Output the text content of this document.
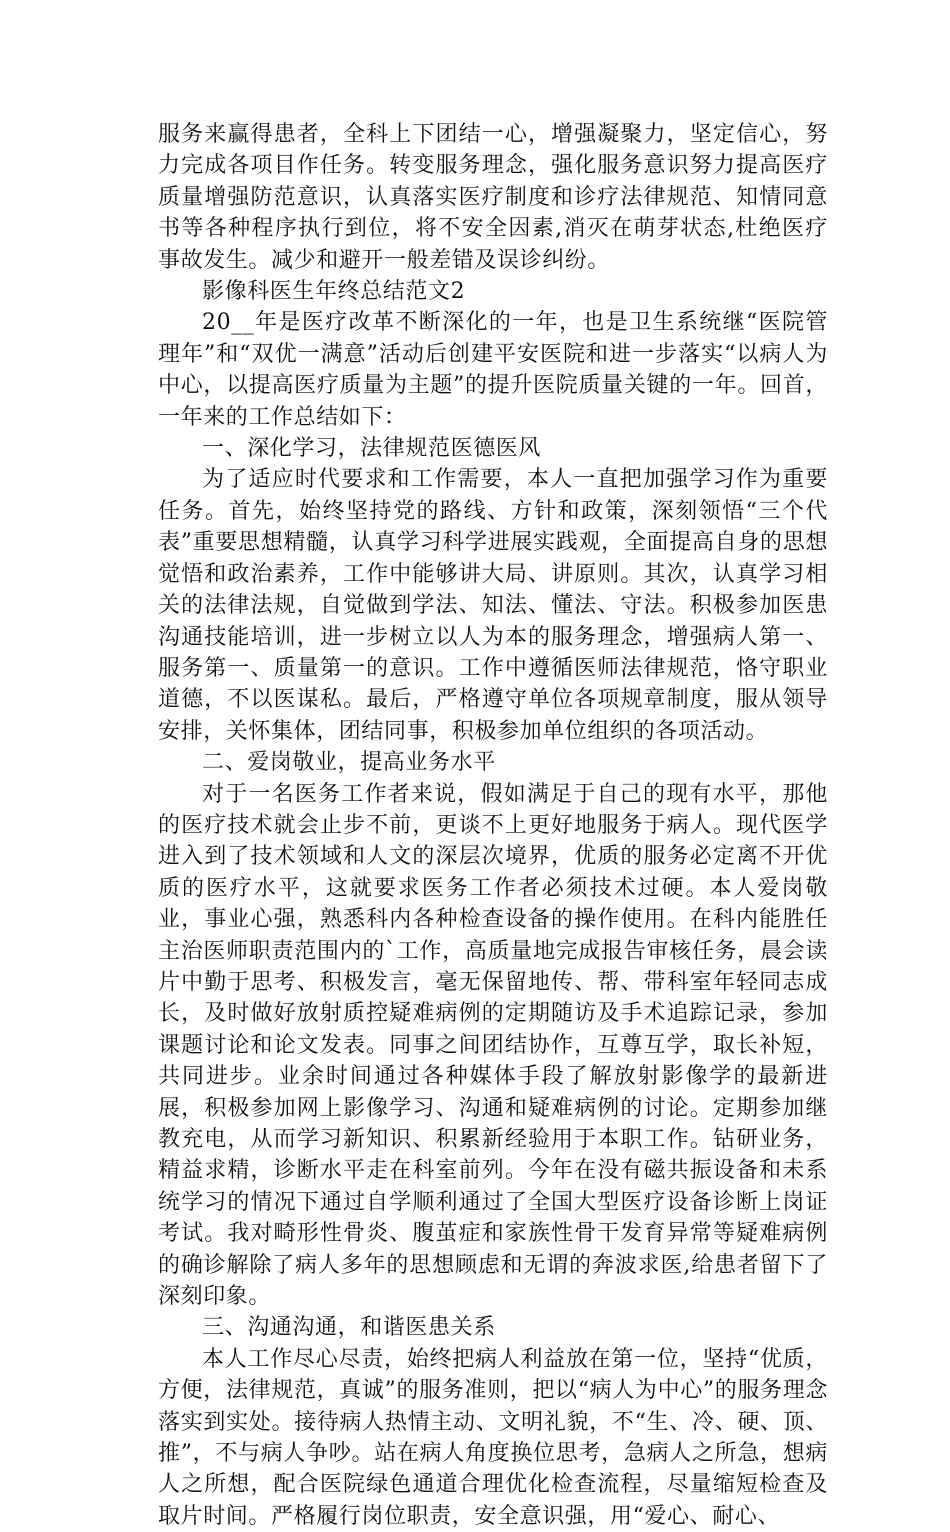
服务来赢得患者，全科上下团结一心，增强凝聚力，坚定信心，努力完成各项目作任务。转变服务理念，强化服务意识努力提高医疗质量增强防范意识，认真落实医疗制度和诊疗法律规范、知情同意书等各种程序执行到位，将不安全因素,消灭在萌芽状态,杜绝医疗事故发生。减少和避开一般差错及误诊纠纷。

影像科医生年终总结范文2

20__年是医疗改革不断深化的一年，也是卫生系统继“医院管理年”和“双优一满意”活动后创建平安医院和进一步落实“以病人为中心，以提高医疗质量为主题”的提升医院质量关键的一年。回首，一年来的工作总结如下：

一、深化学习，法律规范医德医风

为了适应时代要求和工作需要，本人一直把加强学习作为重要任务。首先，始终坚持党的路线、方针和政策，深刻领悟“三个代表”重要思想精髓，认真学习科学进展实践观，全面提高自身的思想觉悟和政治素养，工作中能够讲大局、讲原则。其次，认真学习相关的法律法规，自觉做到学法、知法、懂法、守法。积极参加医患沟通技能培训，进一步树立以人为本的服务理念，增强病人第一、服务第一、质量第一的意识。工作中遵循医师法律规范，恪守职业道德，不以医谋私。最后，严格遵守单位各项规章制度，服从领导安排，关怀集体，团结同事，积极参加单位组织的各项活动。

二、爱岗敬业，提高业务水平

对于一名医务工作者来说，假如满足于自己的现有水平，那他的医疗技术就会止步不前，更谈不上更好地服务于病人。现代医学进入到了技术领域和人文的深层次境界，优质的服务必定离不开优质的医疗水平，这就要求医务工作者必须技术过硬。本人爱岗敬业，事业心强，熟悉科内各种检查设备的操作使用。在科内能胜任主治医师职责范围内的`工作，高质量地完成报告审核任务，晨会读片中勤于思考、积极发言，毫无保留地传、帮、带科室年轻同志成长，及时做好放射质控疑难病例的定期随访及手术追踪记录，参加课题讨论和论文发表。同事之间团结协作，互尊互学，取长补短，共同进步。业余时间通过各种媒体手段了解放射影像学的最新进展，积极参加网上影像学习、沟通和疑难病例的讨论。定期参加继教充电，从而学习新知识、积累新经验用于本职工作。钻研业务，精益求精，诊断水平走在科室前列。今年在没有磁共振设备和未系统学习的情况下通过自学顺利通过了全国大型医疗设备诊断上岗证考试。我对畸形性骨炎、腹茧症和家族性骨干发育异常等疑难病例的确诊解除了病人多年的思想顾虑和无谓的奔波求医,给患者留下了深刻印象。

三、沟通沟通，和谐医患关系

本人工作尽心尽责，始终把病人利益放在第一位，坚持“优质，方便，法律规范，真诚”的服务准则，把以“病人为中心”的服务理念落实到实处。接待病人热情主动、文明礼貌，不“生、冷、硬、顶、推”，不与病人争吵。站在病人角度换位思考，急病人之所急，想病人之所想，配合医院绿色通道合理优化检查流程，尽量缩短检查及取片时间。严格履行岗位职责，安全意识强，用“爱心、耐心、
